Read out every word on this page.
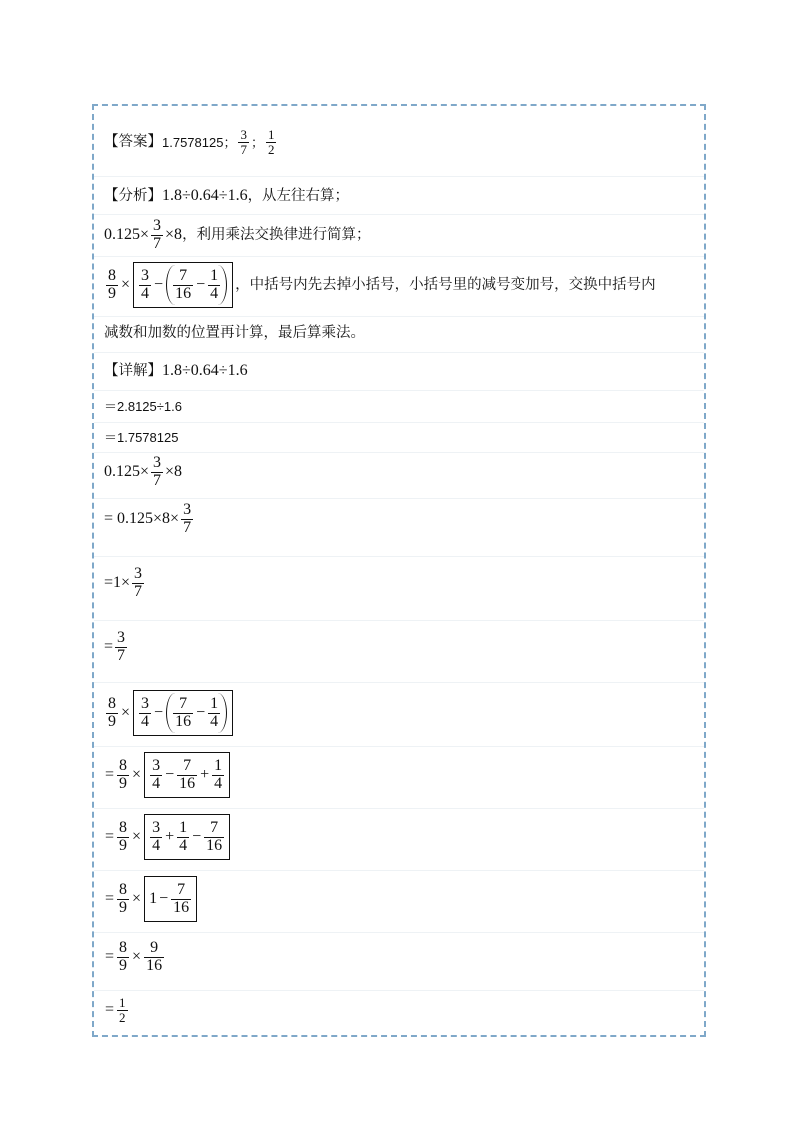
【答案】 1.7578125； $\frac{3}{7}$ ； $\frac{1}{2}$
【分析】 1.8÷0.64÷1.6 ，从左往右算；
$0.125\times \frac{3}{7} \times 8$ ，利用乘法交换律进行简算；
$\frac{8}{9} \times \frac{3}{4} - \frac{7}{16} - \frac{1}{4}$ ，中括号内先去掉小括号，小括号里的减号变加号，交换中括号内
减数和加数的位置再计算，最后算乘法。
【详解】 1.8÷0.64÷1.6
＝2.8125÷1.6
＝1.7578125
$0.125\times \frac{3}{7} \times 8$
= $0.125\times 8\times \frac{3}{7}$
$=1\times \frac{3}{7}$
= $\frac{3}{7}$
$\frac{8}{9} \times \frac{3}{4} - \frac{7}{16} - \frac{1}{4}$
= $\frac{8}{9} \times \frac{3}{4} - \frac{7}{16} + \frac{1}{4}$
= $\frac{8}{9} \times \frac{3}{4} + \frac{1}{4} - \frac{7}{16}$
= $\frac{8}{9} \times 1 - \frac{7}{16}$
= $\frac{8}{9} \times \frac{9}{16}$
= $\frac{1}{2}$
